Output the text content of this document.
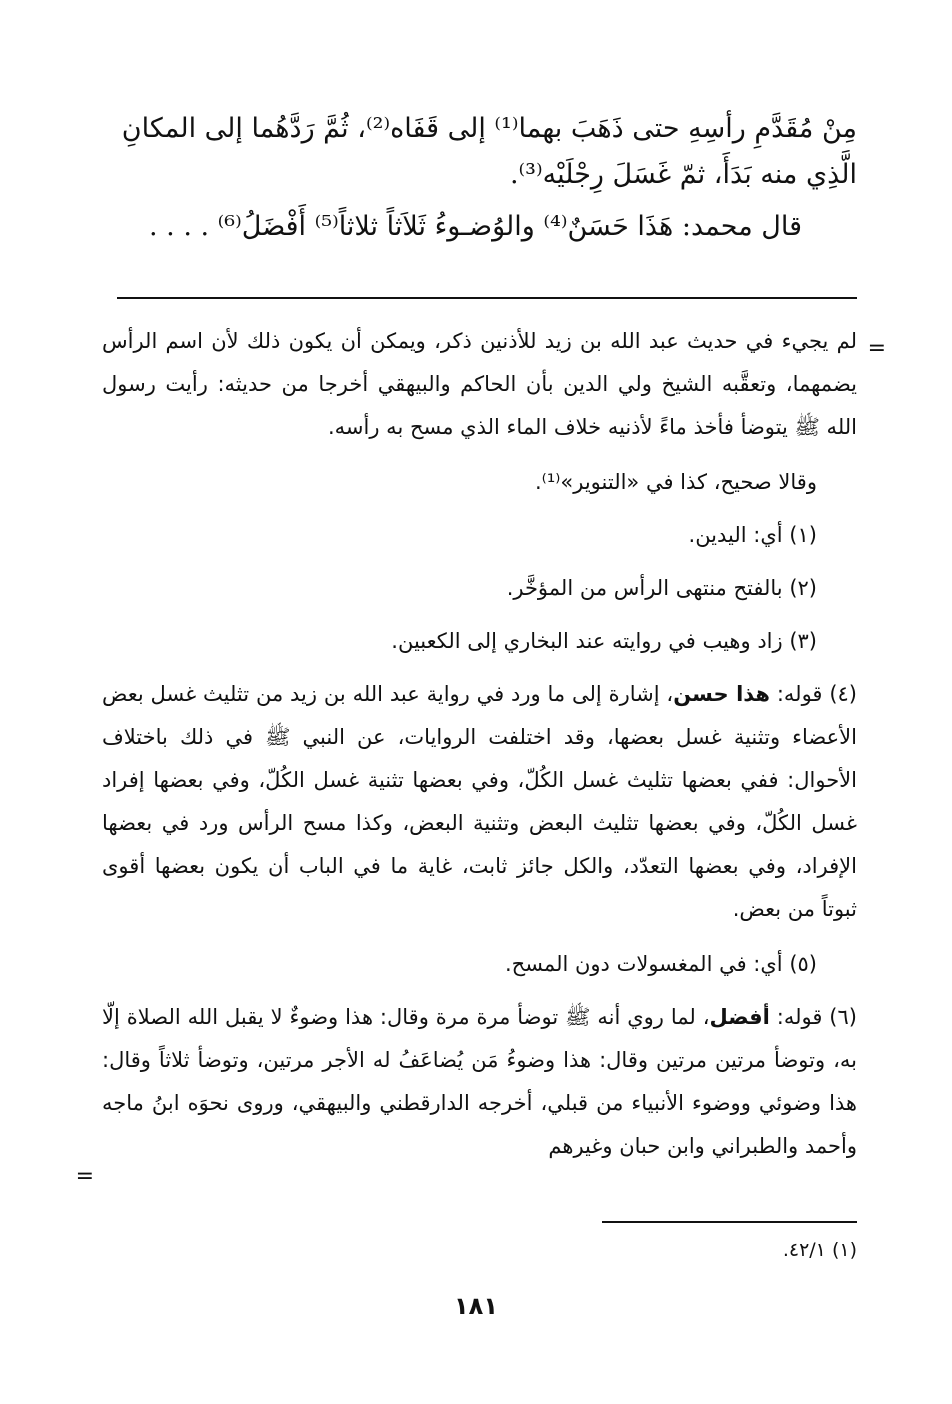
مِنْ مُقَدَّمِ رأسِهِ حتى ذَهَبَ بهما⁽¹⁾ إلى قَفَاه⁽²⁾، ثُمَّ رَدَّهُما إلى المكانِ

الَّذِي منه بَدَأَ، ثمّ غَسَلَ رِجْلَيْه⁽³⁾.

قال محمد: هَذَا حَسَنٌ⁽⁴⁾ والوُضـوءُ ثَلاَثاً ثلاثاً⁽⁵⁾ أَفْضَلُ⁽⁶⁾ . . . .

=

لم يجيء في حديث عبد الله بن زيد للأذنين ذكر، ويمكن أن يكون ذلك لأن اسم الرأس يضمهما، وتعقَّبه الشيخ ولي الدين بأن الحاكم والبيهقي أخرجا من حديثه: رأيت رسول الله ﷺ يتوضأ فأخذ ماءً لأذنيه خلاف الماء الذي مسح به رأسه.

وقالا صحيح، كذا في «التنوير»⁽¹⁾.

(١) أي: اليدين.

(٢) بالفتح منتهى الرأس من المؤخَّر.

(٣) زاد وهيب في روايته عند البخاري إلى الكعبين.

(٤) قوله: هذا حسن، إشارة إلى ما ورد في رواية عبد الله بن زيد من تثليث غسل بعض الأعضاء وتثنية غسل بعضها، وقد اختلفت الروايات، عن النبي ﷺ في ذلك باختلاف الأحوال: ففي بعضها تثليث غسل الكُلّ، وفي بعضها تثنية غسل الكُلّ، وفي بعضها إفراد غسل الكُلّ، وفي بعضها تثليث البعض وتثنية البعض، وكذا مسح الرأس ورد في بعضها الإفراد، وفي بعضها التعدّد، والكل جائز ثابت، غاية ما في الباب أن يكون بعضها أقوى ثبوتاً من بعض.

(٥) أي: في المغسولات دون المسح.

(٦) قوله: أفضل، لما روي أنه ﷺ توضأ مرة مرة وقال: هذا وضوءٌ لا يقبل الله الصلاة إلّا به، وتوضأ مرتين مرتين وقال: هذا وضوءُ مَن يُضاعَفُ له الأجر مرتين، وتوضأ ثلاثاً وقال: هذا وضوئي ووضوء الأنبياء من قبلي، أخرجه الدارقطني والبيهقي، وروى نحوَه ابنُ ماجه وأحمد والطبراني وابن حبان وغيرهم

=

(١) ٤٢/١.

١٨١
